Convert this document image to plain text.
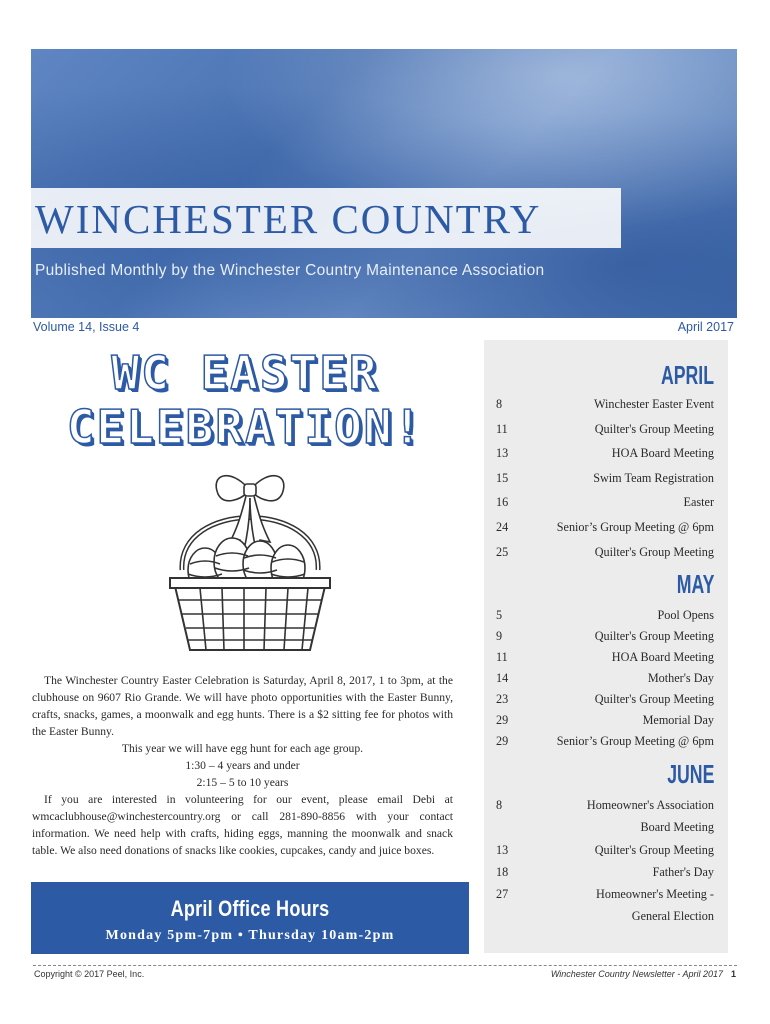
WINCHESTER COUNTRY
Published Monthly by the Winchester Country Maintenance Association
Volume 14, Issue 4	April 2017
WC EASTER
CELEBRATION!

The Winchester Country Easter Celebration is Saturday, April 8, 2017, 1 to 3pm, at the clubhouse on 9607 Rio Grande. We will have photo opportunities with the Easter Bunny, crafts, snacks, games, a moonwalk and egg hunts. There is a $2 sitting fee for photos with the Easter Bunny.

This year we will have egg hunt for each age group.

1:30 – 4 years and under

2:15 – 5 to 10 years

If you are interested in volunteering for our event, please email Debi at wmcaclubhouse@winchestercountry.org or call 281-890-8856 with your contact information. We need help with crafts, hiding eggs, manning the moonwalk and snack table. We also need donations of snacks like cookies, cupcakes, candy and juice boxes.

April Office Hours
Monday 5pm-7pm • Thursday 10am-2pm
APRIL
8	Winchester Easter Event
11	Quilter's Group Meeting
13	HOA Board Meeting
15	Swim Team Registration
16	Easter
24	Senior’s Group Meeting @ 6pm
25	Quilter's Group Meeting
MAY
5	Pool Opens
9	Quilter's Group Meeting
11	HOA Board Meeting
14	Mother's Day
23	Quilter's Group Meeting
29	Memorial Day
29	Senior’s Group Meeting @ 6pm
JUNE
8	Homeowner's Association
Board Meeting
13	Quilter's Group Meeting
18	Father's Day
27	Homeowner's Meeting -
General Election
Copyright © 2017 Peel, Inc.	Winchester Country Newsletter - April 2017 1
